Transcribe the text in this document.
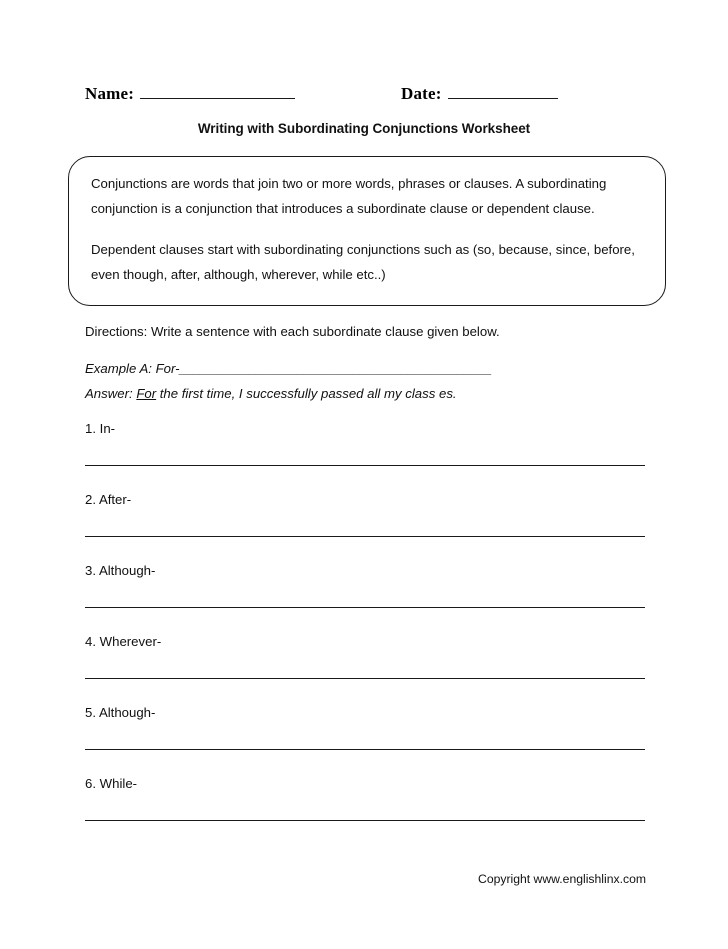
Name:	Date:
Writing with Subordinating Conjunctions Worksheet

Conjunctions are words that join two or more words, phrases or clauses. A subordinating conjunction is a conjunction that introduces a subordinate clause or dependent clause.

Dependent clauses start with subordinating conjunctions such as (so, because, since, before, even though, after, although, wherever, while etc..)

Directions: Write a sentence with each subordinate clause given below.
Example A: For-_____________________________________________
Answer: For the first time, I successfully passed all my class es.
1. In-
2. After-
3. Although-
4. Wherever-
5. Although-
6. While-
Copyright www.englishlinx.com
